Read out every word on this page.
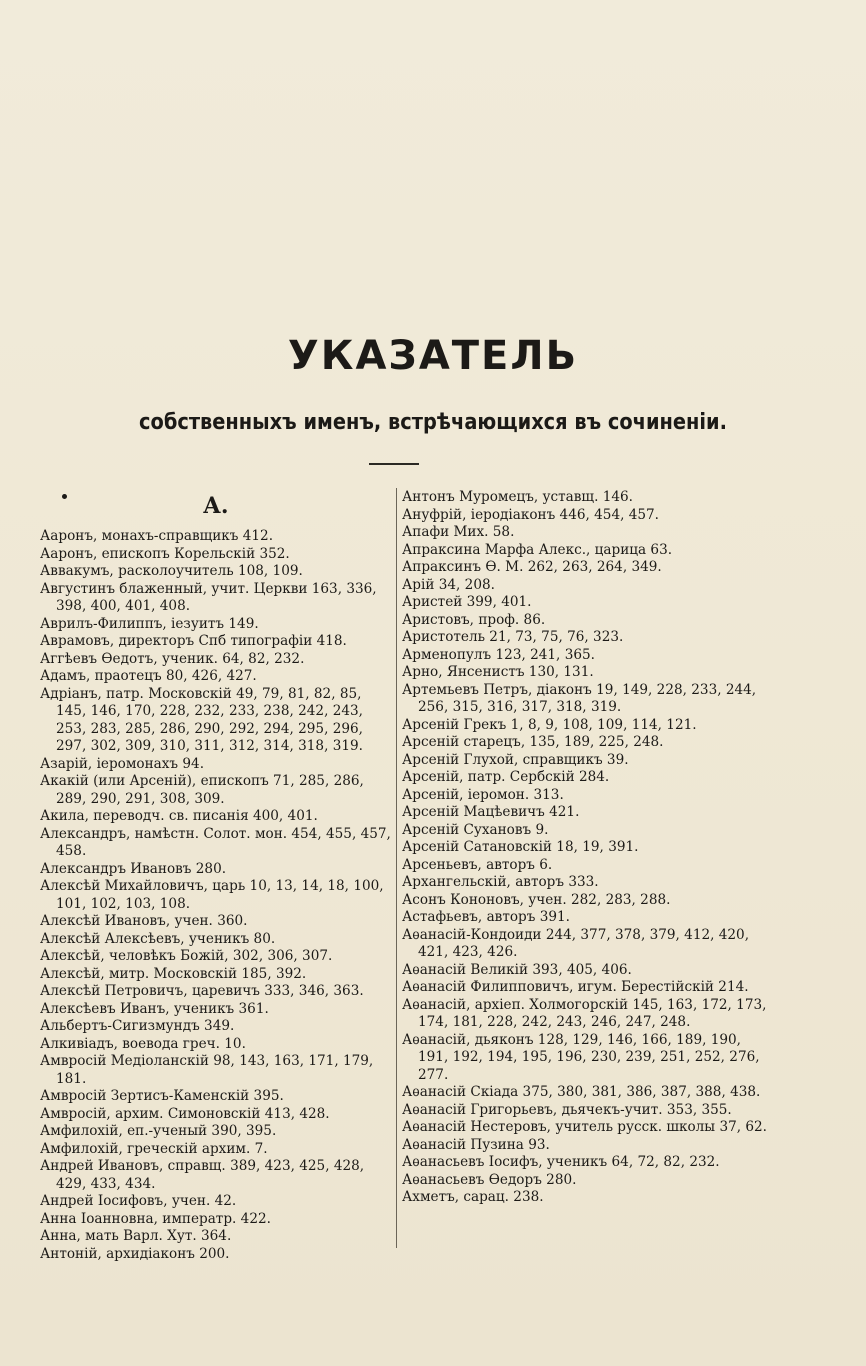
УКАЗАТЕЛЬ
собственныхъ именъ, встрѣчающихся въ сочиненіи.
А.
Ааронъ, монахъ-справщикъ 412.
Ааронъ, епископъ Корельскій 352.
Аввакумъ, расколоучитель 108, 109.
Августинъ блаженный, учит. Церкви 163, 336, 398, 400, 401, 408.
Аврилъ-Филиппъ, іезуитъ 149.
Аврамовъ, директоръ Спб типографіи 418.
Аггѣевъ Ѳедотъ, ученик. 64, 82, 232.
Адамъ, праотецъ 80, 426, 427.
Адріанъ, патр. Московскій 49, 79, 81, 82, 85, 145, 146, 170, 228, 232, 233, 238, 242, 243, 253, 283, 285, 286, 290, 292, 294, 295, 296, 297, 302, 309, 310, 311, 312, 314, 318, 319.
Азарій, іеромонахъ 94.
Акакій (или Арсеній), епископъ 71, 285, 286, 289, 290, 291, 308, 309.
Акила, переводч. св. писанія 400, 401.
Александръ, намѣстн. Солот. мон. 454, 455, 457, 458.
Александръ Ивановъ 280.
Алексѣй Михайловичъ, царь 10, 13, 14, 18, 100, 101, 102, 103, 108.
Алексѣй Ивановъ, учен. 360.
Алексѣй Алексѣевъ, ученикъ 80.
Алексѣй, человѣкъ Божій, 302, 306, 307.
Алексѣй, митр. Московскій 185, 392.
Алексѣй Петровичъ, царевичъ 333, 346, 363.
Алексѣевъ Иванъ, ученикъ 361.
Альбертъ-Сигизмундъ 349.
Алкивіадъ, воевода греч. 10.
Амвросій Медіоланскій 98, 143, 163, 171, 179, 181.
Амвросій Зертисъ-Каменскій 395.
Амвросій, архим. Симоновскій 413, 428.
Амфилохій, еп.-ученый 390, 395.
Амфилохій, греческій архим. 7.
Андрей Ивановъ, справщ. 389, 423, 425, 428, 429, 433, 434.
Андрей Іосифовъ, учен. 42.
Анна Іоанновна, императр. 422.
Анна, мать Варл. Хут. 364.
Антоній, архидіаконъ 200.
Антонъ Муромецъ, уставщ. 146.
Ануфрій, іеродіаконъ 446, 454, 457.
Апафи Мих. 58.
Апраксина Марфа Алекс., царица 63.
Апраксинъ Ѳ. М. 262, 263, 264, 349.
Арій 34, 208.
Аристей 399, 401.
Аристовъ, проф. 86.
Аристотель 21, 73, 75, 76, 323.
Арменопулъ 123, 241, 365.
Арно, Янсенистъ 130, 131.
Артемьевъ Петръ, діаконъ 19, 149, 228, 233, 244, 256, 315, 316, 317, 318, 319.
Арсеній Грекъ 1, 8, 9, 108, 109, 114, 121.
Арсеній старецъ, 135, 189, 225, 248.
Арсеній Глухой, справщикъ 39.
Арсеній, патр. Сербскій 284.
Арсеній, іеромон. 313.
Арсеній Мацѣевичъ 421.
Арсеній Сухановъ 9.
Арсеній Сатановскій 18, 19, 391.
Арсеньевъ, авторъ 6.
Архангельскій, авторъ 333.
Асонъ Кононовъ, учен. 282, 283, 288.
Астафьевъ, авторъ 391.
Аѳанасій-Кондоиди 244, 377, 378, 379, 412, 420, 421, 423, 426.
Аѳанасій Великій 393, 405, 406.
Аѳанасій Филипповичъ, игум. Берестійскій 214.
Аѳанасій, архіеп. Холмогорскій 145, 163, 172, 173, 174, 181, 228, 242, 243, 246, 247, 248.
Аѳанасій, дьяконъ 128, 129, 146, 166, 189, 190, 191, 192, 194, 195, 196, 230, 239, 251, 252, 276, 277.
Аѳанасій Скіада 375, 380, 381, 386, 387, 388, 438.
Аѳанасій Григорьевъ, дьячекъ-учит. 353, 355.
Аѳанасій Нестеровъ, учитель русск. школы 37, 62.
Аѳанасій Пузина 93.
Аѳанасьевъ Іосифъ, ученикъ 64, 72, 82, 232.
Аѳанасьевъ Ѳедоръ 280.
Ахметъ, сарац. 238.
